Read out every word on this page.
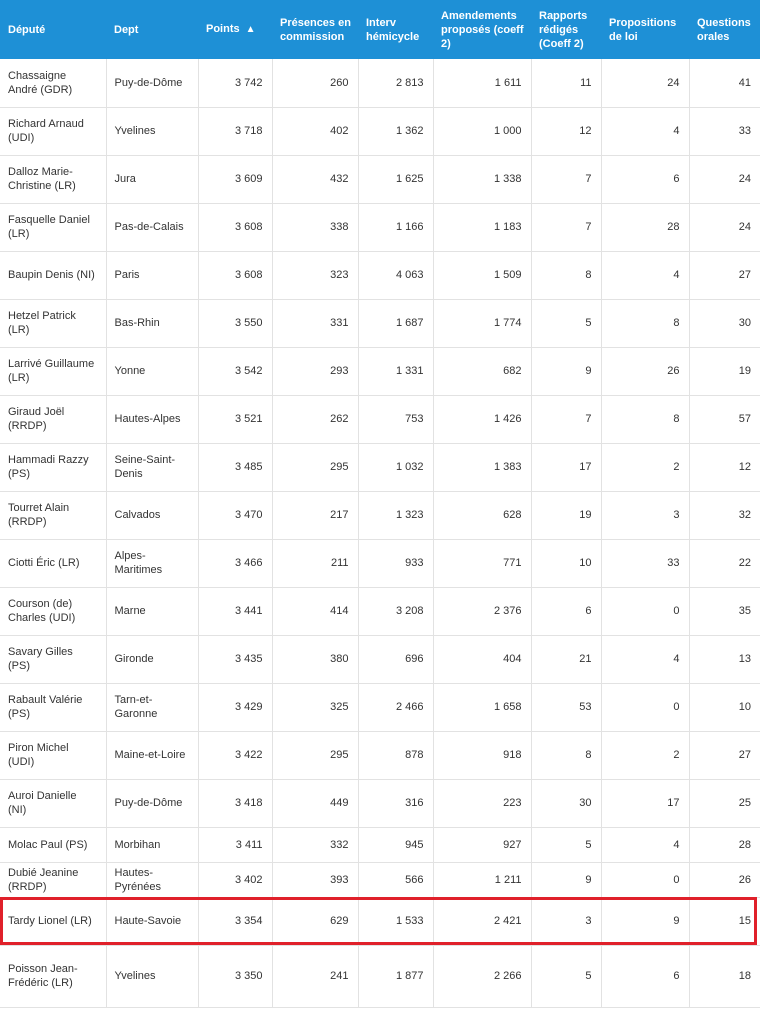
Député	Dept	Points ▲	Présences en commission	Interv hémicycle	Amendements proposés (coeff 2)	Rapports rédigés (Coeff 2)	Propositions de loi	Questions orales
Chassaigne André (GDR)	Puy-de-Dôme	3 742	260	2 813	1 611	11	24	41
Richard Arnaud (UDI)	Yvelines	3 718	402	1 362	1 000	12	4	33
Dalloz Marie-Christine (LR)	Jura	3 609	432	1 625	1 338	7	6	24
Fasquelle Daniel (LR)	Pas-de-Calais	3 608	338	1 166	1 183	7	28	24
Baupin Denis (NI)	Paris	3 608	323	4 063	1 509	8	4	27
Hetzel Patrick (LR)	Bas-Rhin	3 550	331	1 687	1 774	5	8	30
Larrivé Guillaume (LR)	Yonne	3 542	293	1 331	682	9	26	19
Giraud Joël (RRDP)	Hautes-Alpes	3 521	262	753	1 426	7	8	57
Hammadi Razzy (PS)	Seine-Saint-Denis	3 485	295	1 032	1 383	17	2	12
Tourret Alain (RRDP)	Calvados	3 470	217	1 323	628	19	3	32
Ciotti Éric (LR)	Alpes-Maritimes	3 466	211	933	771	10	33	22
Courson (de) Charles (UDI)	Marne	3 441	414	3 208	2 376	6	0	35
Savary Gilles (PS)	Gironde	3 435	380	696	404	21	4	13
Rabault Valérie (PS)	Tarn-et-Garonne	3 429	325	2 466	1 658	53	0	10
Piron Michel (UDI)	Maine-et-Loire	3 422	295	878	918	8	2	27
Auroi Danielle (NI)	Puy-de-Dôme	3 418	449	316	223	30	17	25
Molac Paul (PS)	Morbihan	3 411	332	945	927	5	4	28
Dubié Jeanine (RRDP)	Hautes-Pyrénées	3 402	393	566	1 211	9	0	26
Tardy Lionel (LR)	Haute-Savoie	3 354	629	1 533	2 421	3	9	15
Poisson Jean-Frédéric (LR)	Yvelines	3 350	241	1 877	2 266	5	6	18
